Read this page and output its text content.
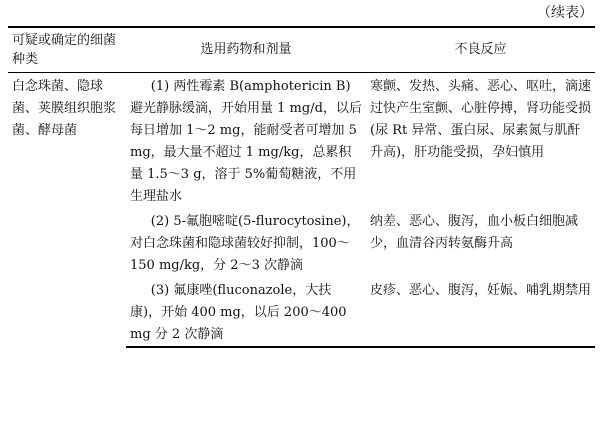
（续表）
可疑或确定的细菌种类	选用药物和剂量	不良反应
白念珠菌、隐球菌、荚膜组织胞浆菌、酵母菌	(1) 两性霉素 B(amphotericin B)避光静脉缓滴，开始用量 1 mg/d，以后每日增加 1～2 mg，能耐受者可增加 5 mg，最大量不超过 1 mg/kg，总累积量 1.5～3 g，溶于 5%葡萄糖液，不用生理盐水	寒颤、发热、头痛、恶心、呕吐，滴速过快产生室颤、心脏停搏，肾功能受损(尿 Rt 异常、蛋白尿、尿素氮与肌酐升高)，肝功能受损，孕妇慎用

	(2) 5-氟胞嘧啶(5-flurocytosine)，对白念珠菌和隐球菌较好抑制，100～150 mg/kg，分 2～3 次静滴	纳差、恶心、腹泻，血小板白细胞减少，血清谷丙转氨酶升高

	(3) 氟康唑(fluconazole，大扶康)，开始 400 mg，以后 200～400 mg 分 2 次静滴	皮疹、恶心、腹泻，妊娠、哺乳期禁用
